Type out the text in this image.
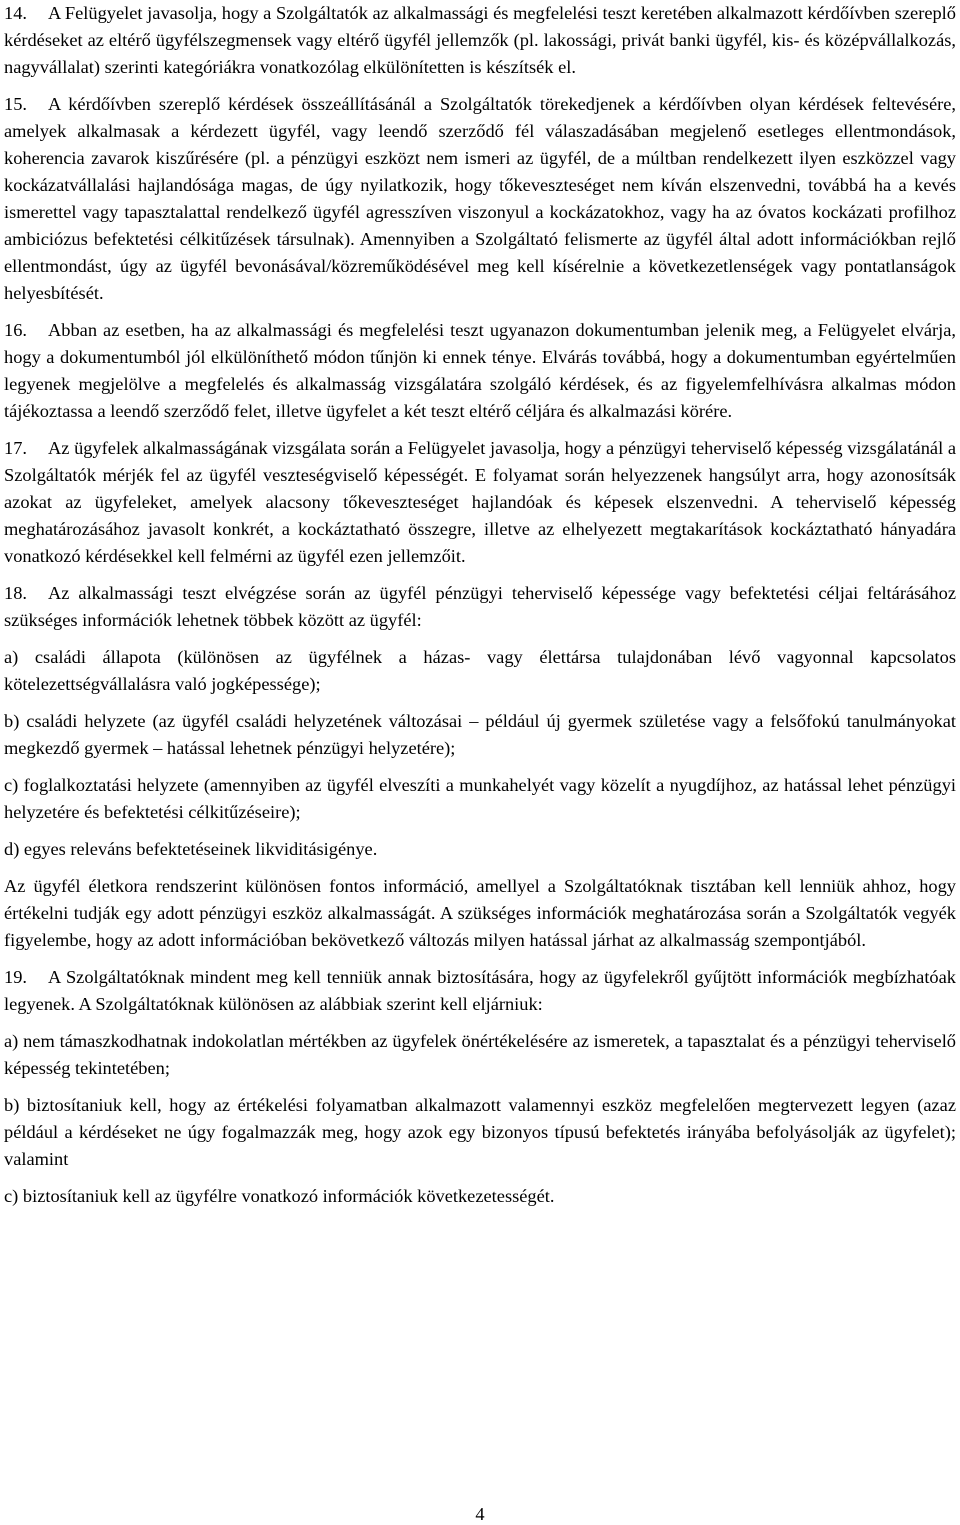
14. A Felügyelet javasolja, hogy a Szolgáltatók az alkalmassági és megfelelési teszt keretében alkalmazott kérdőívben szereplő kérdéseket az eltérő ügyfélszegmensek vagy eltérő ügyfél jellemzők (pl. lakossági, privát banki ügyfél, kis- és középvállalkozás, nagyvállalat) szerinti kategóriákra vonatkozólag elkülönítetten is készítsék el.

15. A kérdőívben szereplő kérdések összeállításánál a Szolgáltatók törekedjenek a kérdőívben olyan kérdések feltevésére, amelyek alkalmasak a kérdezett ügyfél, vagy leendő szerződő fél válaszadásában megjelenő esetleges ellentmondások, koherencia zavarok kiszűrésére (pl. a pénzügyi eszközt nem ismeri az ügyfél, de a múltban rendelkezett ilyen eszközzel vagy kockázatvállalási hajlandósága magas, de úgy nyilatkozik, hogy tőkeveszteséget nem kíván elszenvedni, továbbá ha a kevés ismerettel vagy tapasztalattal rendelkező ügyfél agresszíven viszonyul a kockázatokhoz, vagy ha az óvatos kockázati profilhoz ambiciózus befektetési célkitűzések társulnak). Amennyiben a Szolgáltató felismerte az ügyfél által adott információkban rejlő ellentmondást, úgy az ügyfél bevonásával/közreműködésével meg kell kísérelnie a következetlenségek vagy pontatlanságok helyesbítését.

16. Abban az esetben, ha az alkalmassági és megfelelési teszt ugyanazon dokumentumban jelenik meg, a Felügyelet elvárja, hogy a dokumentumból jól elkülöníthető módon tűnjön ki ennek ténye. Elvárás továbbá, hogy a dokumentumban egyértelműen legyenek megjelölve a megfelelés és alkalmasság vizsgálatára szolgáló kérdések, és az figyelemfelhívásra alkalmas módon tájékoztassa a leendő szerződő felet, illetve ügyfelet a két teszt eltérő céljára és alkalmazási körére.

17. Az ügyfelek alkalmasságának vizsgálata során a Felügyelet javasolja, hogy a pénzügyi teherviselő képesség vizsgálatánál a Szolgáltatók mérjék fel az ügyfél veszteségviselő képességét. E folyamat során helyezzenek hangsúlyt arra, hogy azonosítsák azokat az ügyfeleket, amelyek alacsony tőkeveszteséget hajlandóak és képesek elszenvedni. A teherviselő képesség meghatározásához javasolt konkrét, a kockáztatható összegre, illetve az elhelyezett megtakarítások kockáztatható hányadára vonatkozó kérdésekkel kell felmérni az ügyfél ezen jellemzőit.

18. Az alkalmassági teszt elvégzése során az ügyfél pénzügyi teherviselő képessége vagy befektetési céljai feltárásához szükséges információk lehetnek többek között az ügyfél:

a) családi állapota (különösen az ügyfélnek a házas- vagy élettársa tulajdonában lévő vagyonnal kapcsolatos kötelezettségvállalásra való jogképessége);

b) családi helyzete (az ügyfél családi helyzetének változásai – például új gyermek születése vagy a felsőfokú tanulmányokat megkezdő gyermek – hatással lehetnek pénzügyi helyzetére);

c) foglalkoztatási helyzete (amennyiben az ügyfél elveszíti a munkahelyét vagy közelít a nyugdíjhoz, az hatással lehet pénzügyi helyzetére és befektetési célkitűzéseire);

d) egyes releváns befektetéseinek likviditásigénye.

Az ügyfél életkora rendszerint különösen fontos információ, amellyel a Szolgáltatóknak tisztában kell lenniük ahhoz, hogy értékelni tudják egy adott pénzügyi eszköz alkalmasságát. A szükséges információk meghatározása során a Szolgáltatók vegyék figyelembe, hogy az adott információban bekövetkező változás milyen hatással járhat az alkalmasság szempontjából.

19. A Szolgáltatóknak mindent meg kell tenniük annak biztosítására, hogy az ügyfelekről gyűjtött információk megbízhatóak legyenek. A Szolgáltatóknak különösen az alábbiak szerint kell eljárniuk:

a) nem támaszkodhatnak indokolatlan mértékben az ügyfelek önértékelésére az ismeretek, a tapasztalat és a pénzügyi teherviselő képesség tekintetében;

b) biztosítaniuk kell, hogy az értékelési folyamatban alkalmazott valamennyi eszköz megfelelően megtervezett legyen (azaz például a kérdéseket ne úgy fogalmazzák meg, hogy azok egy bizonyos típusú befektetés irányába befolyásolják az ügyfelet); valamint

c) biztosítaniuk kell az ügyfélre vonatkozó információk következetességét.

4
